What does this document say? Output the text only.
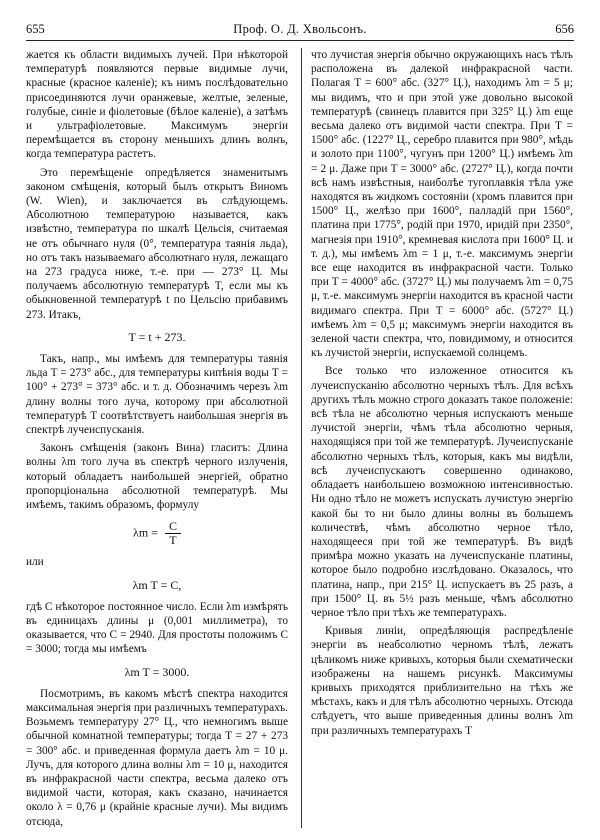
655	Проф. О. Д. Хвольсонъ.	656

жается къ области видимыхъ лучей. При нѣкоторой температурѣ появляются первые видимые лучи, красные (красное каленіе); къ нимъ послѣдовательно присоединяются лучи оранжевые, желтые, зеленые, голубые, синіе и фіолетовые (бѣлое каленіе), а затѣмъ и ультрафіолетовые. Максимумъ энергіи перемѣщается въ сторону меньшихъ длинъ волнъ, когда температура растетъ.

Это перемѣщеніе опредѣляется знаменитымъ законом смѣщенія, который былъ открытъ Виномъ (W. Wien), и заключается въ слѣдующемъ. Абсолютною температурою называется, какъ извѣстно, температура по шкалѣ Цельсія, считаемая не отъ обычнаго нуля (0°, температура таянія льда), но отъ такъ называемаго абсолютнаго нуля, лежащаго на 273 градуса ниже, т.-е. при — 273° Ц. Мы получаемъ абсолютную температурѣ T, если мы къ обыкновенной температурѣ t по Цельсію прибавимъ 273. Итакъ,

T = t + 273.

Такъ, напр., мы имѣемъ для температуры таянія льда T = 273° абс., для температуры кипѣнія воды T = 100° + 273° = 373° абс. и т. д. Обозначимъ черезъ λm длину волны того луча, которому при абсолютной температурѣ T соотвѣтствуетъ наибольшая энергія въ спектрѣ лучеиспусканія.

Законъ смѣщенія (законъ Вина) гласитъ: Длина волны λm того луча въ спектрѣ черного излученія, который обладаетъ наибольшей энергіей, обратно пропорціональна абсолютной температурѣ. Мы имѣемъ, такимъ образомъ, формулу

$\lambda m = \frac{C}{T}$
или
λm T = C,

гдѣ C нѣкоторое постоянное число. Если λm измѣрять въ единицахъ длины μ (0,001 миллиметра), то оказывается, что C = 2940. Для простоты положимъ C = 3000; тогда мы имѣемъ

λm T = 3000.

Посмотримъ, въ какомъ мѣстѣ спектра находится максимальная энергія при различныхъ температурахъ. Возьмемъ температуру 27° Ц., что немногимъ выше обычной комнатной температуры; тогда T = 27 + 273 = 300° абс. и приведенная формула даетъ λm = 10 μ. Лучъ, для которого длина волны λm = 10 μ, находится въ инфракрасной части спектра, весьма далеко отъ видимой части, которая, какъ сказано, начинается около λ = 0,76 μ (крайніе красные лучи). Мы видимъ отсюда,

что лучистая энергія обычно окружающихъ насъ тѣлъ расположена въ далекой инфракрасной части. Полагая T = 600° абс. (327° Ц.), находимъ λm = 5 μ; мы видимъ, что и при этой уже довольно высокой температурѣ (свинецъ плавится при 325° Ц.) λm еще весьма далеко отъ видимой части спектра. При T = 1500° абс. (1227° Ц., серебро плавится при 980°, мѣдь и золото при 1100°, чугунъ при 1200° Ц.) имѣемъ λm = 2 μ. Даже при T = 3000° абс. (2727° Ц.), когда почти всѣ намъ извѣстныя, наиболѣе тугоплавкія тѣла уже находятся въ жидкомъ состояніи (хромъ плавится при 1500° Ц., желѣзо при 1600°, палладій при 1560°, платина при 1775°, родій при 1970, иридій при 2350°, магнезія при 1910°, кремневая кислота при 1600° Ц. и т. д.), мы имѣемъ λm = 1 μ, т.-е. максимумъ энергіи все еще находится въ инфракрасной части. Только при T = 4000° абс. (3727° Ц.) мы получаемъ λm = 0,75 μ, т.-е. максимумъ энергіи находится въ красной части видимаго спектра. При T = 6000° абс. (5727° Ц.) имѣемъ λm = 0,5 μ; максимумъ энергіи находится въ зеленой части спектра, что, повидимому, и относится къ лучистой энергіи, испускаемой солнцемъ.

Все только что изложенное относится къ лучеиспусканію абсолютно черныхъ тѣлъ. Для всѣхъ другихъ тѣлъ можно строго доказать такое положеніе: всѣ тѣла не абсолютно черныя испускаютъ меньше лучистой энергіи, чѣмъ тѣла абсолютно черныя, находящіяся при той же температурѣ. Лучеиспусканіе абсолютно черныхъ тѣлъ, которыя, какъ мы видѣли, всѣ лучеиспускаютъ совершенно одинаково, обладаетъ наибольшею возможною интенсивностью. Ни одно тѣло не можетъ испускать лучистую энергію какой бы то ни было длины волны въ большемъ количествѣ, чѣмъ абсолютно черное тѣло, находящееся при той же температурѣ. Въ видѣ примѣра можно указать на лучеиспусканіе платины, которое было подробно изслѣдовано. Оказалось, что платина, напр., при 215° Ц. испускаетъ въ 25 разъ, а при 1500° Ц. въ 5½ разъ меньше, чѣмъ абсолютно черное тѣло при тѣхъ же температурахъ.

Кривыя линіи, опредѣляющія распредѣленіе энергіи въ неабсолютно черномъ тѣлѣ, лежатъ цѣликомъ ниже кривыхъ, которыя были схематически изображены на нашемъ рисункѣ. Максимумы кривыхъ приходятся приблизительно на тѣхъ же мѣстахъ, какъ и для тѣлъ абсолютно черныхъ. Отсюда слѣдуетъ, что выше приведенныя длины волнъ λm при различныхъ температурахъ T
